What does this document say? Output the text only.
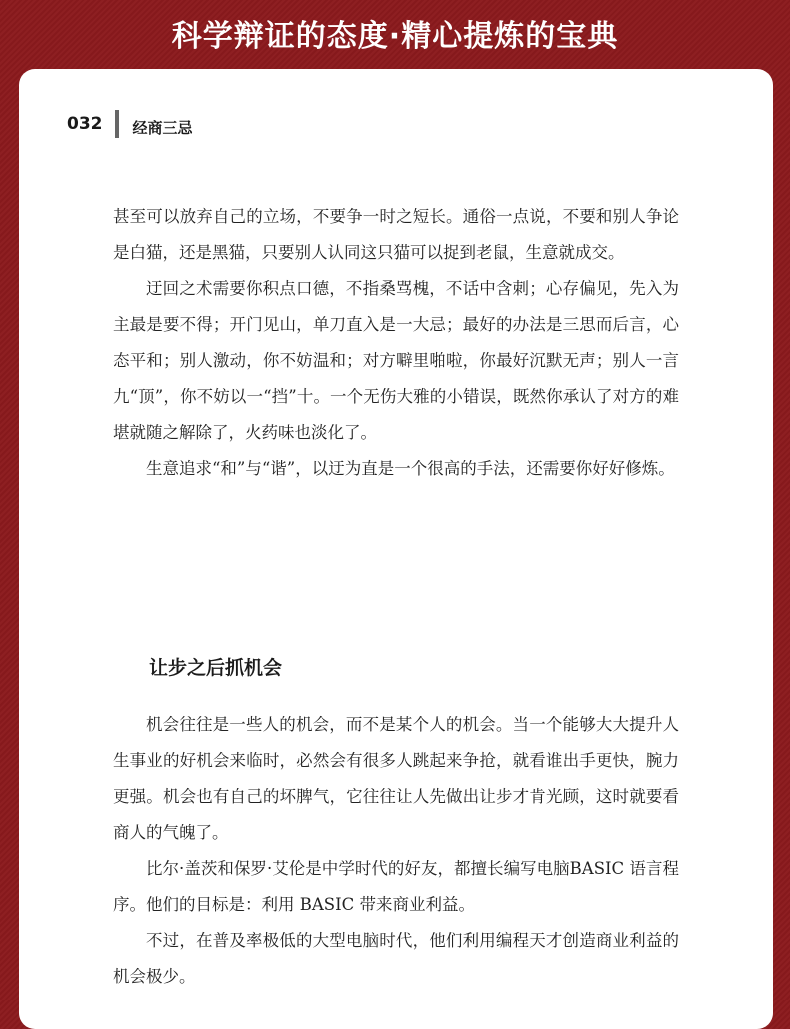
科学辩证的态度·精心提炼的宝典
032 经商三忌

甚至可以放弃自己的立场，不要争一时之短长。通俗一点说，不要和别人争论是白猫，还是黑猫，只要别人认同这只猫可以捉到老鼠，生意就成交。

迂回之术需要你积点口德，不指桑骂槐，不话中含刺；心存偏见，先入为主最是要不得；开门见山，单刀直入是一大忌；最好的办法是三思而后言，心态平和；别人激动，你不妨温和；对方噼里啪啦，你最好沉默无声；别人一言九“顶”，你不妨以一“挡”十。一个无伤大雅的小错误，既然你承认了对方的难堪就随之解除了，火药味也淡化了。

生意追求“和”与“谐”，以迂为直是一个很高的手法，还需要你好好修炼。

让步之后抓机会

机会往往是一些人的机会，而不是某个人的机会。当一个能够大大提升人生事业的好机会来临时，必然会有很多人跳起来争抢，就看谁出手更快，腕力更强。机会也有自己的坏脾气，它往往让人先做出让步才肯光顾，这时就要看商人的气魄了。

比尔·盖茨和保罗·艾伦是中学时代的好友，都擅长编写电脑BASIC 语言程序。他们的目标是：利用 BASIC 带来商业利益。

不过，在普及率极低的大型电脑时代，他们利用编程天才创造商业利益的机会极少。
